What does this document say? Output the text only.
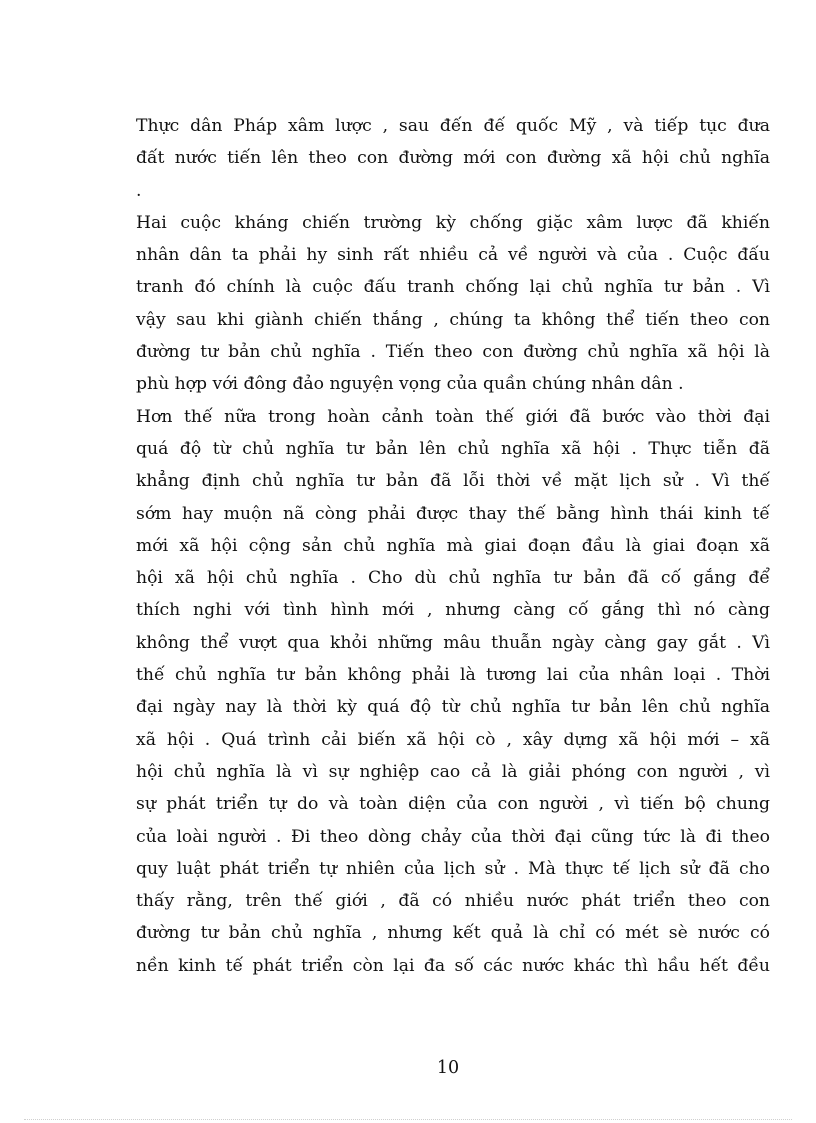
Thực dân Pháp xâm lược , sau đến đế quốc Mỹ , và tiếp tục đưa
đất nước tiến lên theo con đường mới con đường xã hội chủ nghĩa
.
Hai cuộc kháng chiến trường kỳ chống giặc xâm lược đã khiến
nhân dân ta phải hy sinh rất nhiều cả về người và của . Cuộc đấu
tranh đó chính là cuộc đấu tranh chống lại chủ nghĩa tư bản . Vì
vậy sau khi giành chiến thắng , chúng ta không thể tiến theo con
đường tư bản chủ nghĩa . Tiến theo con đường chủ nghĩa xã hội là
phù hợp với đông đảo nguyện vọng của quần chúng nhân dân .
Hơn thế nữa trong hoàn cảnh toàn thế giới đã bước vào thời đại
quá độ từ chủ nghĩa tư bản lên chủ nghĩa xã hội . Thực tiễn đã
khẳng định chủ nghĩa tư bản đã lỗi thời về mặt lịch sử . Vì thế
sớm hay muộn nã còng phải được thay thế bằng hình thái kinh tế
mới xã hội cộng sản chủ nghĩa mà giai đoạn đầu là giai đoạn xã
hội xã hội chủ nghĩa . Cho dù chủ nghĩa tư bản đã cố gắng để
thích nghi với tình hình mới , nhưng càng cố gắng thì nó càng
không thể vượt qua khỏi những mâu thuẫn ngày càng gay gắt . Vì
thế chủ nghĩa tư bản không phải là tương lai của nhân loại . Thời
đại ngày nay là thời kỳ quá độ từ chủ nghĩa tư bản lên chủ nghĩa
xã hội . Quá trình cải biến xã hội cò , xây dựng xã hội mới – xã
hội chủ nghĩa là vì sự nghiệp cao cả là giải phóng con người , vì
sự phát triển tự do và toàn diện của con người , vì tiến bộ chung
của loài người . Đi theo dòng chảy của thời đại cũng tức là đi theo
quy luật phát triển tự nhiên của lịch sử . Mà thực tế lịch sử đã cho
thấy rằng, trên thế giới , đã có nhiều nước phát triển theo con
đường tư bản chủ nghĩa , nhưng kết quả là chỉ có mét sè nước có
nền kinh tế phát triển còn lại đa số các nước khác thì hầu hết đều
10
